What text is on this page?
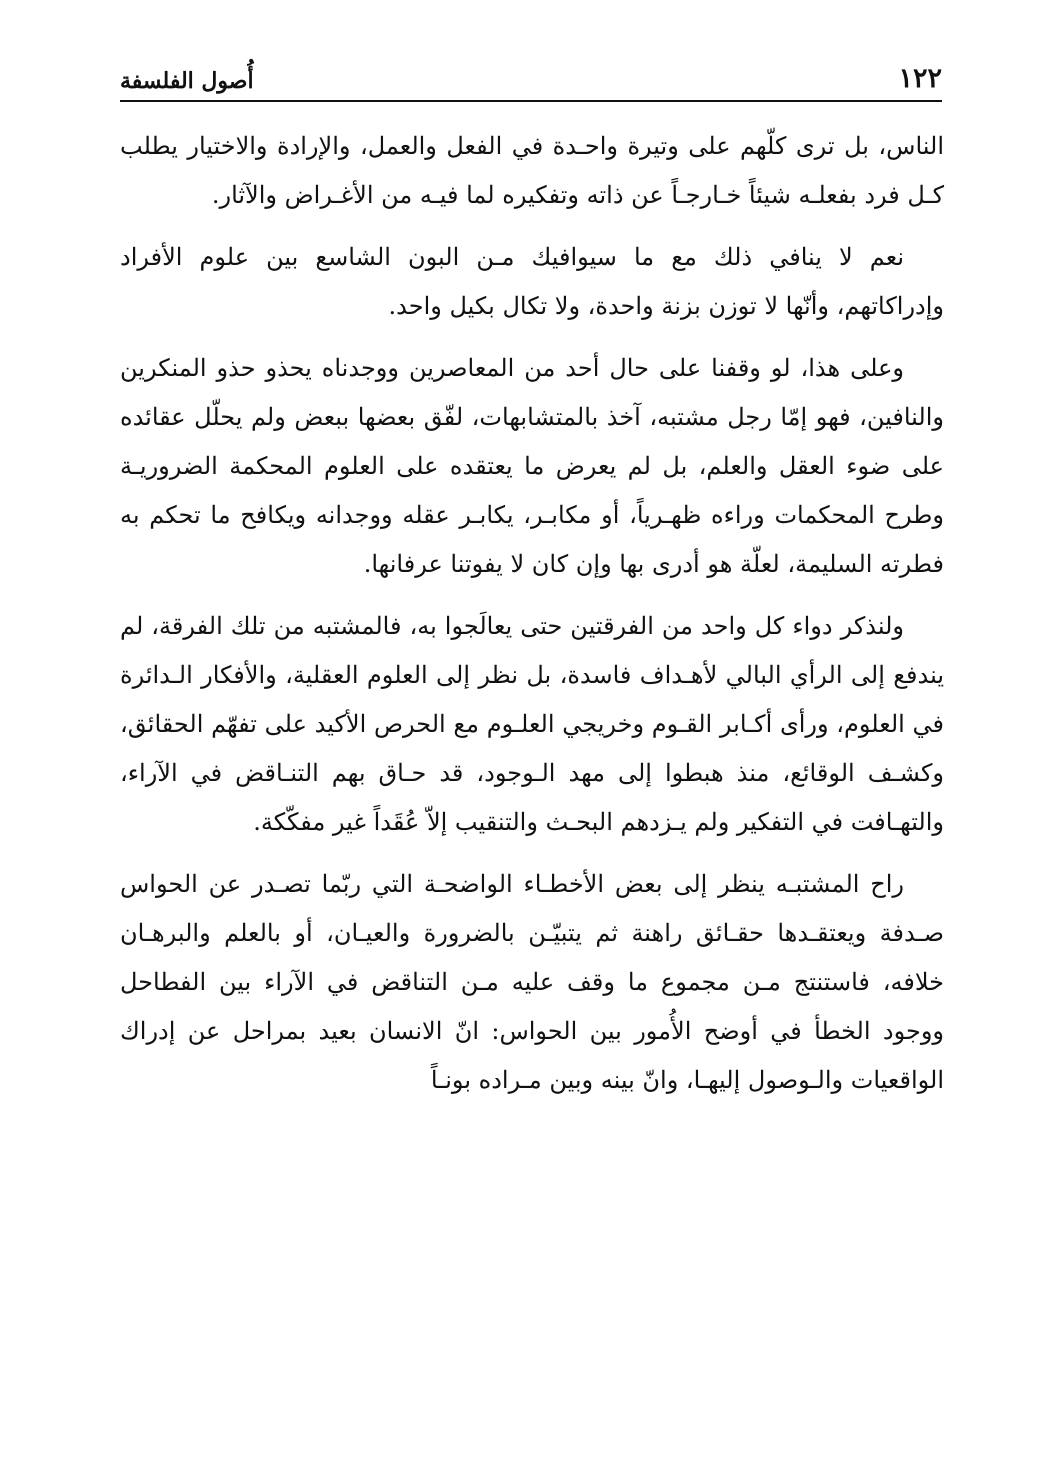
١٢٢
أُصول الفلسفة

الناس، بل ترى كلّهم على وتيرة واحـدة في الفعل والعمل، والإرادة والاختيار يطلب كـل فرد بفعلـه شيئاً خـارجـاً عن ذاته وتفكيره لما فيـه من الأغـراض والآثار.

نعم لا ينافي ذلك مع ما سيوافيك مـن البون الشاسع بين علوم الأفراد وإدراكاتهم، وأنّها لا توزن بزنة واحدة، ولا تكال بكيل واحد.

وعلى هذا، لو وقفنا على حال أحد من المعاصرين ووجدناه يحذو حذو المنكرين والنافين، فهو إمّا رجل مشتبه، آخذ بالمتشابهات، لفّق بعضها ببعض ولم يحلّل عقائده على ضوء العقل والعلم، بل لم يعرض ما يعتقده على العلوم المحكمة الضروريـة وطرح المحكمات وراءه ظهـرياً، أو مكابـر، يكابـر عقله ووجدانه ويكافح ما تحكم به فطرته السليمة، لعلّة هو أدرى بها وإن كان لا يفوتنا عرفانها.

ولنذكر دواء كل واحد من الفرقتين حتى يعالَجوا به، فالمشتبه من تلك الفرقة، لم يندفع إلى الرأي البالي لأهـداف فاسدة، بل نظر إلى العلوم العقلية، والأفكار الـدائرة في العلوم، ورأى أكـابر القـوم وخريجي العلـوم مع الحرص الأكيد على تفهّم الحقائق، وكشـف الوقائع، منذ هبطوا إلى مهد الـوجود، قد حـاق بهم التنـاقض في الآراء، والتهـافت في التفكير ولم يـزدهم البحـث والتنقيب إلاّ عُقَداً غير مفكّكة.

راح المشتبـه ينظر إلى بعض الأخطـاء الواضحـة التي ربّما تصـدر عن الحواس صـدفة ويعتقـدها حقـائق راهنة ثم يتبيّـن بالضرورة والعيـان، أو بالعلم والبرهـان خلافه، فاستنتج مـن مجموع ما وقف عليه مـن التناقض في الآراء بين الفطاحل ووجود الخطأ في أوضح الأُمور بين الحواس: انّ الانسان بعيد بمراحل عن إدراك الواقعيات والـوصول إليهـا، وانّ بينه وبين مـراده بونـاً
